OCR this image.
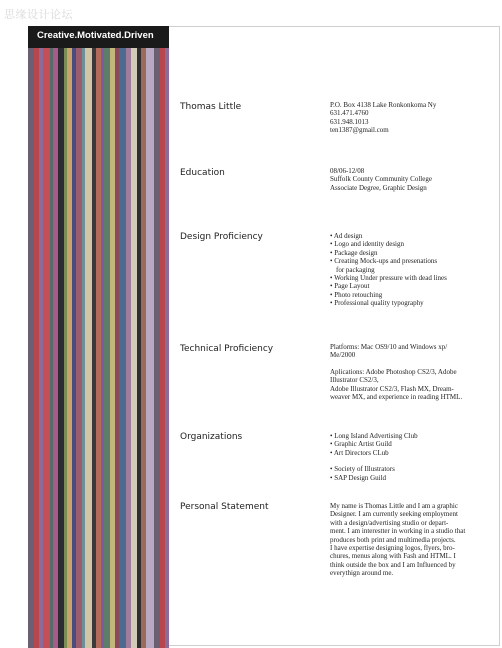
思缘设计论坛
Creative.Motivated.Driven
Thomas Little	P.O. Box 4138 Lake Ronkonkoma Ny
631.471.4760
631.948.1013
ten1387@gmail.com
Education	08/06-12/08
Suffolk County Community College
Associate Degree, Graphic Design
Design Proficiency	• Ad design
• Logo and identity design
• Package design
• Creating Mock-ups and presenations
for packaging
• Working Under pressure with dead lines
• Page Layout
• Photo retouching
• Professional quality typography
Technical Proficiency	Platforms: Mac OS9/10 and Windows xp/
Me/2000
Aplications: Adobe Photoshop CS2/3, Adobe
Illustrator CS2/3,
Adobe Illustrator CS2/3, Flash MX, Dream-
weaver MX, and experience in reading HTML.
Organizations	• Long Island Advertising Club
• Graphic Artist Guild
• Art Directors CLub
• Society of Illustrators
• SAP Design Guild
Personal Statement	My name is Thomas Little and I am a graphic
Designer. I am currently seeking employment
with a design/advertising studio or depart-
ment. I am interestter in working in a studio that
produces both print and multimedia projects.
I have expertise designing logos, flyers, bro-
chures, menus along with Fash and HTML. I
think outside the box and I am Influenced by
everythign around me.
